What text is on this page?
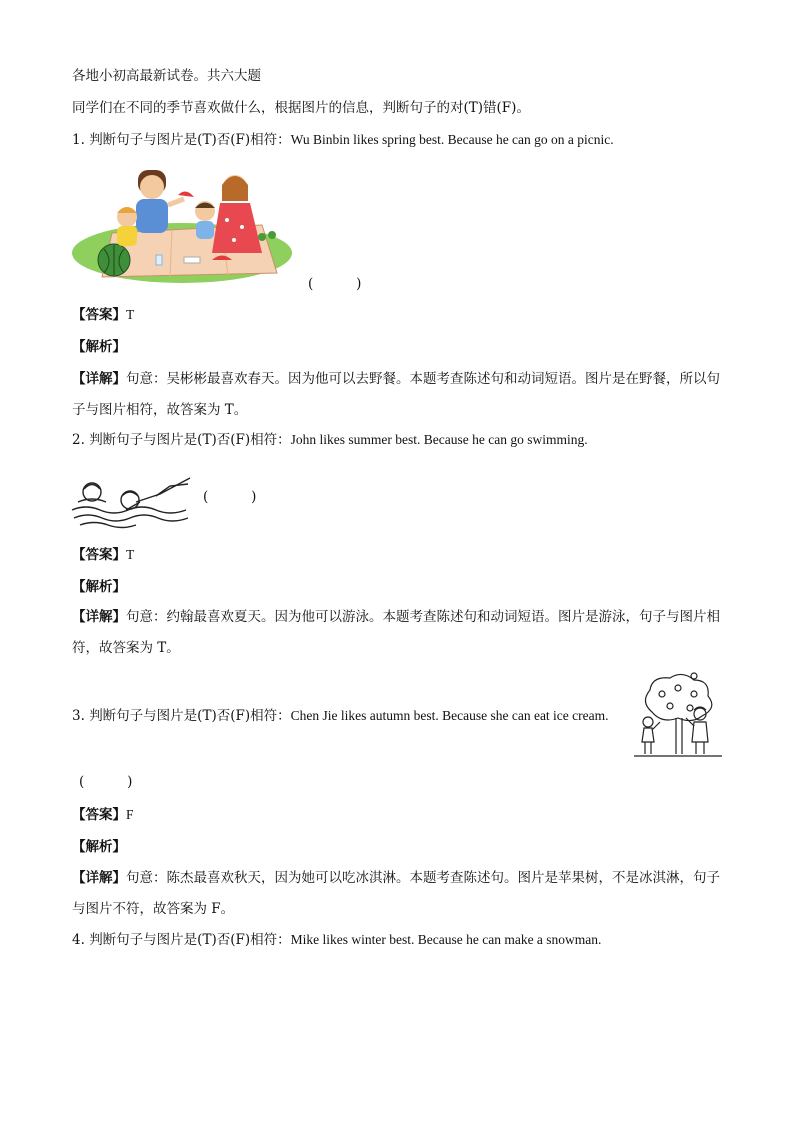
各地小初高最新试卷。共六大题
同学们在不同的季节喜欢做什么，根据图片的信息，判断句子的对(T)错(F)。
1. 判断句子与图片是(T)否(F)相符：Wu Binbin likes spring best. Because he can go on a picnic.
(          )
【答案】T
【解析】
【详解】句意：吴彬彬最喜欢春天。因为他可以去野餐。本题考查陈述句和动词短语。图片是在野餐，所以句子与图片相符，故答案为 T。
2. 判断句子与图片是(T)否(F)相符：John likes summer best. Because he can go swimming.
(          )
【答案】T
【解析】
【详解】句意：约翰最喜欢夏天。因为他可以游泳。本题考查陈述句和动词短语。图片是游泳，句子与图片相符，故答案为 T。
3. 判断句子与图片是(T)否(F)相符：Chen Jie likes autumn best. Because she can eat ice cream.
(          )
【答案】F
【解析】
【详解】句意：陈杰最喜欢秋天，因为她可以吃冰淇淋。本题考查陈述句。图片是苹果树，不是冰淇淋，句子与图片不符，故答案为 F。
4. 判断句子与图片是(T)否(F)相符：Mike likes winter best. Because he can make a snowman.
